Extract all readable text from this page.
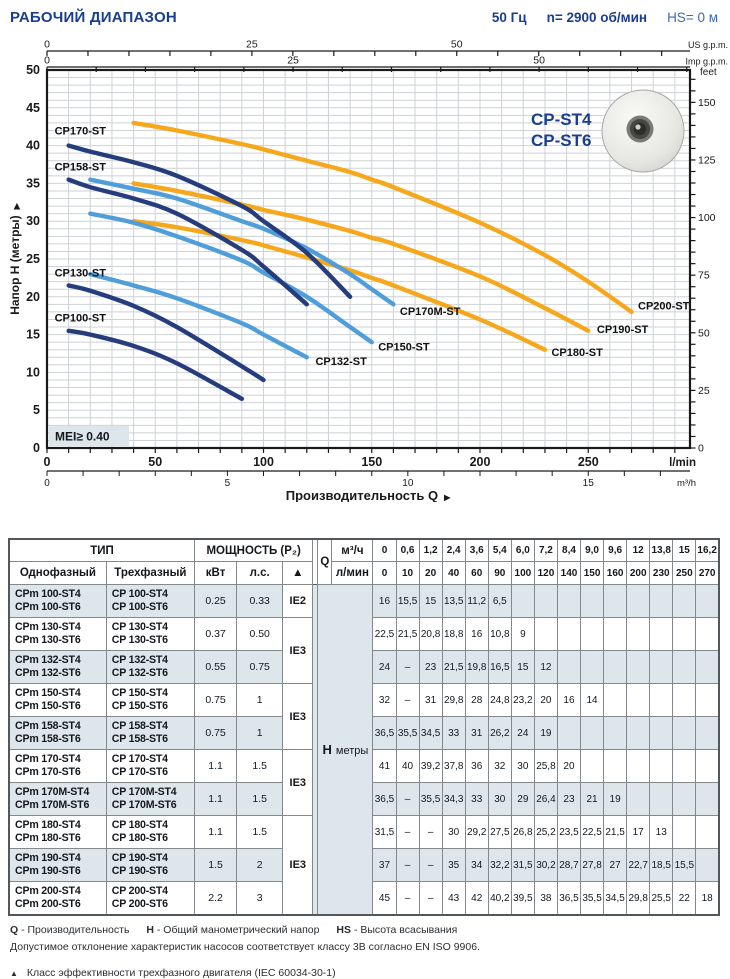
РАБОЧИЙ ДИАПАЗОН	50 Гц n= 2900 об/мин HS= 0 м
MEI≥ 0.40
CP-ST4
CP-ST6
CP180-ST
CP190-ST
CP200-ST
CP132-ST
CP150-ST
CP170M-ST
CP100-ST
CP130-ST
CP158-ST
CP170-ST
0	25	50	US g.p.m.
0	25	50	Imp g.p.m.
0
5
10
15
20
25
30
35
40
45
50
Напор H (метры)▶
0
25
50
75
100
125
150
feet
0	50	100	150	200	250	l/min
0	5	10	15	m³/h
Производительность Q ▶
ТИП		МОЩНОСТЬ (P₂)				Q	м³/ч	0	0,6	1,2	2,4	3,6	5,4	6,0	7,2	8,4	9,0	9,6	12	13,8	15	16,2
Однофазный	Трехфазный	кВт	л.с.	▲			л/мин	0	10	20	40	60	90	100	120	140	150	160	200	230	250	270

CPm 100-ST4
CPm 100-ST6

CP 100-ST4
CP 100-ST6	0.25	0.33	IE2		H метры	16	15,5	15	13,5	11,2	6,5									

CPm 130-ST4
CPm 130-ST6

CP 130-ST4
CP 130-ST6	0.37	0.50	IE3	22,5	21,5	20,8	18,8	16	10,8	9								

CPm 132-ST4
CPm 132-ST6

CP 132-ST4
CP 132-ST6	0.55	0.75	24	–	23	21,5	19,8	16,5	15	12							

CPm 150-ST4
CPm 150-ST6

CP 150-ST4
CP 150-ST6	0.75	1	IE3	32	–	31	29,8	28	24,8	23,2	20	16	14					

CPm 158-ST4
CPm 158-ST6

CP 158-ST4
CP 158-ST6	0.75	1	36,5	35,5	34,5	33	31	26,2	24	19							

CPm 170-ST4
CPm 170-ST6

CP 170-ST4
CP 170-ST6	1.1	1.5	IE3	41	40	39,2	37,8	36	32	30	25,8	20						

CPm 170M-ST4
CPm 170M-ST6

CP 170M-ST4
CP 170M-ST6	1.1	1.5	36,5	–	35,5	34,3	33	30	29	26,4	23	21	19				

CPm 180-ST4
CPm 180-ST6

CP 180-ST4
CP 180-ST6	1.1	1.5	IE3	31,5	–	–	30	29,2	27,5	26,8	25,2	23,5	22,5	21,5	17	13		

CPm 190-ST4
CPm 190-ST6

CP 190-ST4
CP 190-ST6	1.5	2	37	–	–	35	34	32,2	31,5	30,2	28,7	27,8	27	22,7	18,5	15,5	

CPm 200-ST4
CPm 200-ST6

CP 200-ST4
CP 200-ST6	2.2	3	45	–	–	43	42	40,2	39,5	38	36,5	35,5	34,5	29,8	25,5	22	18

Q - Производительность H - Общий манометрический напор HS - Высота всасывания

Допустимое отклонение характеристик насосов соответствует классу 3В согласно EN ISO 9906.

▲ Класс эффективности трехфазного двигателя (IEC 60034-30-1)
